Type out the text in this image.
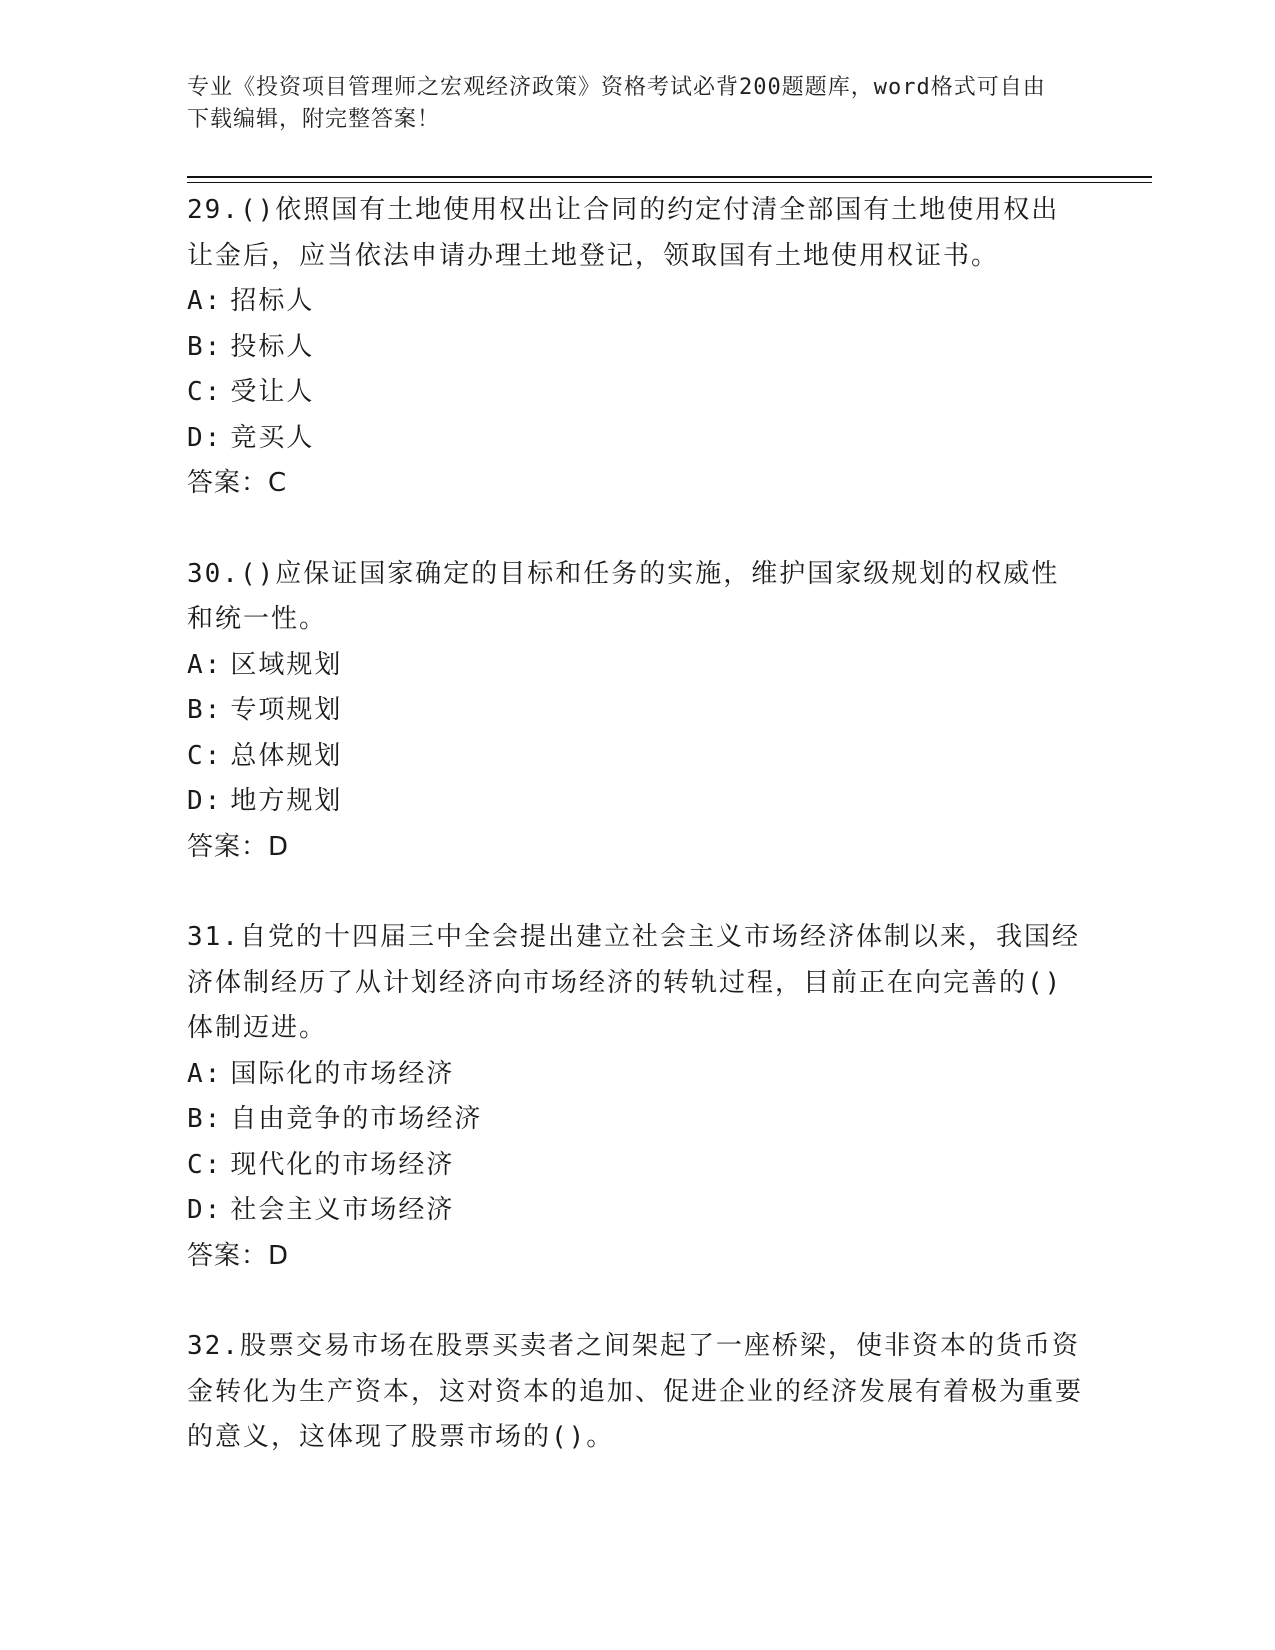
专业《投资项目管理师之宏观经济政策》资格考试必背200题题库，word格式可自由下载编辑，附完整答案！
29.()依照国有土地使用权出让合同的约定付清全部国有土地使用权出让金后，应当依法申请办理土地登记，领取国有土地使用权证书。
A: 招标人
B: 投标人
C: 受让人
D: 竞买人
答案：C
30.()应保证国家确定的目标和任务的实施，维护国家级规划的权威性和统一性。
A: 区域规划
B: 专项规划
C: 总体规划
D: 地方规划
答案：D
31.自党的十四届三中全会提出建立社会主义市场经济体制以来，我国经济体制经历了从计划经济向市场经济的转轨过程，目前正在向完善的()体制迈进。
A: 国际化的市场经济
B: 自由竞争的市场经济
C: 现代化的市场经济
D: 社会主义市场经济
答案：D
32.股票交易市场在股票买卖者之间架起了一座桥梁，使非资本的货币资金转化为生产资本，这对资本的追加、促进企业的经济发展有着极为重要的意义，这体现了股票市场的()。
